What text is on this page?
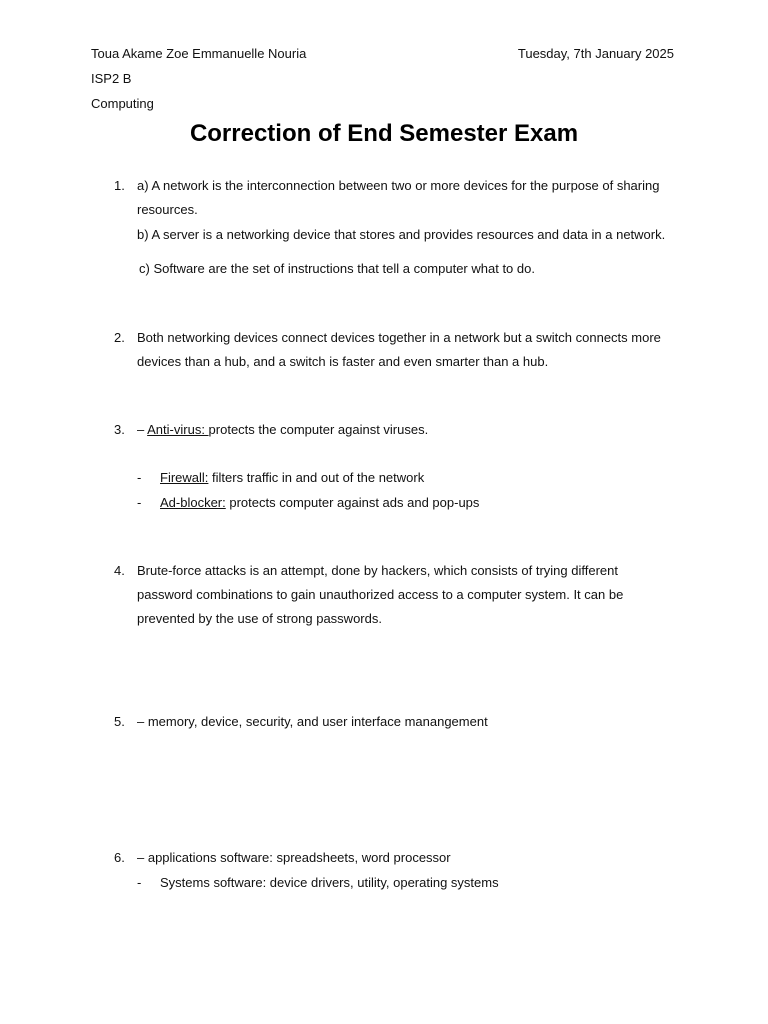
Toua Akame Zoe Emmanuelle Nouria	Tuesday, 7th January 2025
ISP2 B
Computing
Correction of End Semester Exam
1. a) A network is the interconnection between two or more devices for the purpose of sharing
resources.
b) A server is a networking device that stores and provides resources and data in a network.
c) Software are the set of instructions that tell a computer what to do.
2. Both networking devices connect devices together in a network but a switch connects more
devices than a hub, and a switch is faster and even smarter than a hub.
3. – Anti-virus: protects the computer against viruses.
- Firewall: filters traffic in and out of the network
- Ad-blocker: protects computer against ads and pop-ups
4. Brute-force attacks is an attempt, done by hackers, which consists of trying different
password combinations to gain unauthorized access to a computer system. It can be
prevented by the use of strong passwords.
5. – memory, device, security, and user interface manangement
6. – applications software: spreadsheets, word processor
- Systems software: device drivers, utility, operating systems
